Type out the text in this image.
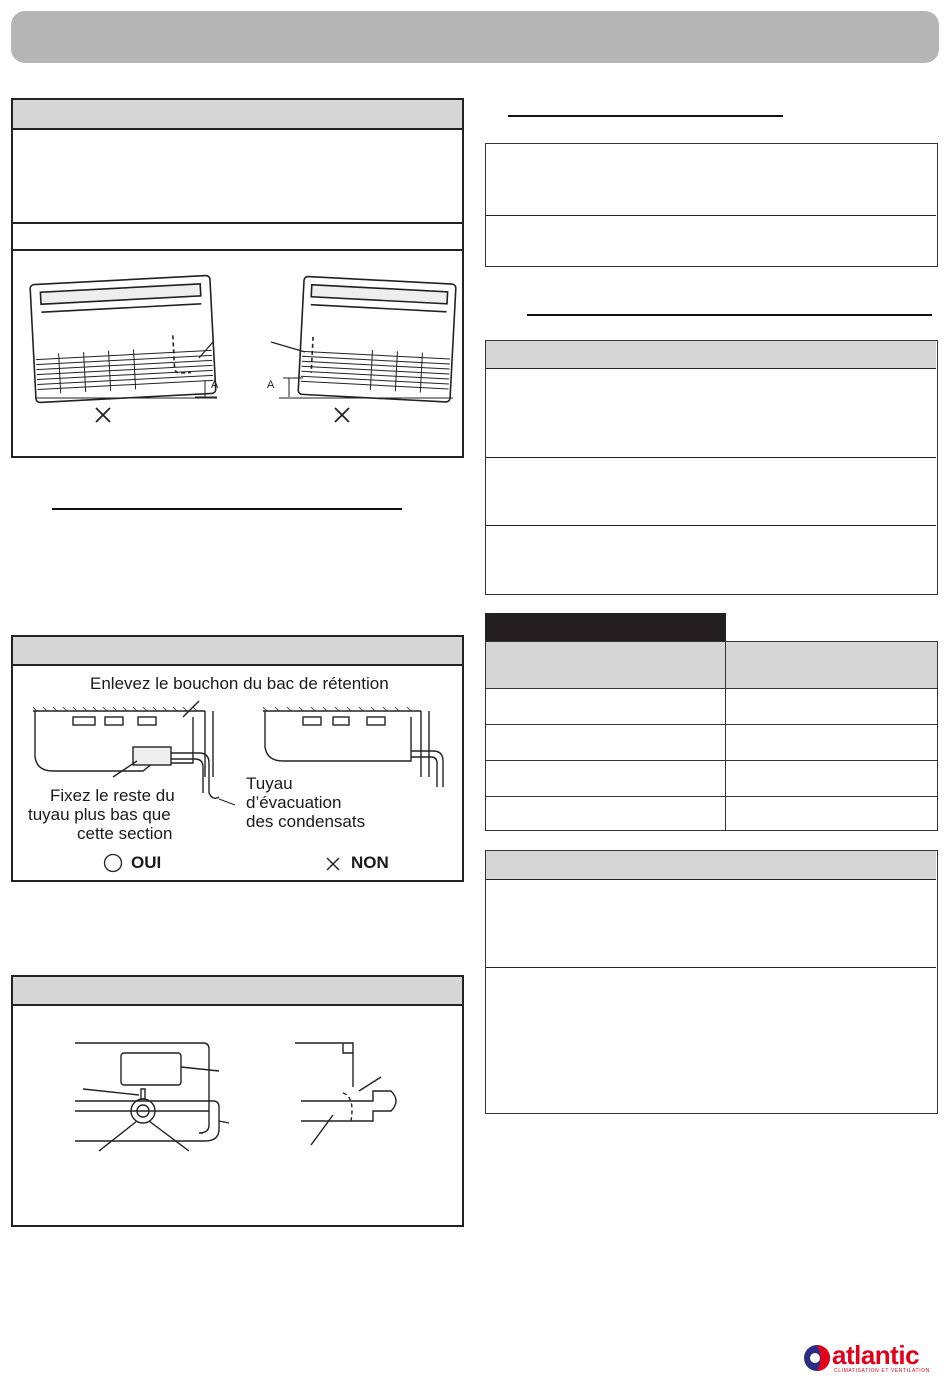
A	A
Enlevez le bouchon du bac de rétention
Fixez le reste du
tuyau plus bas que
cette section
Tuyau
d’évacuation
des condensats
OUI	NON
atlantic
CLIMATISATION ET VENTILATION
